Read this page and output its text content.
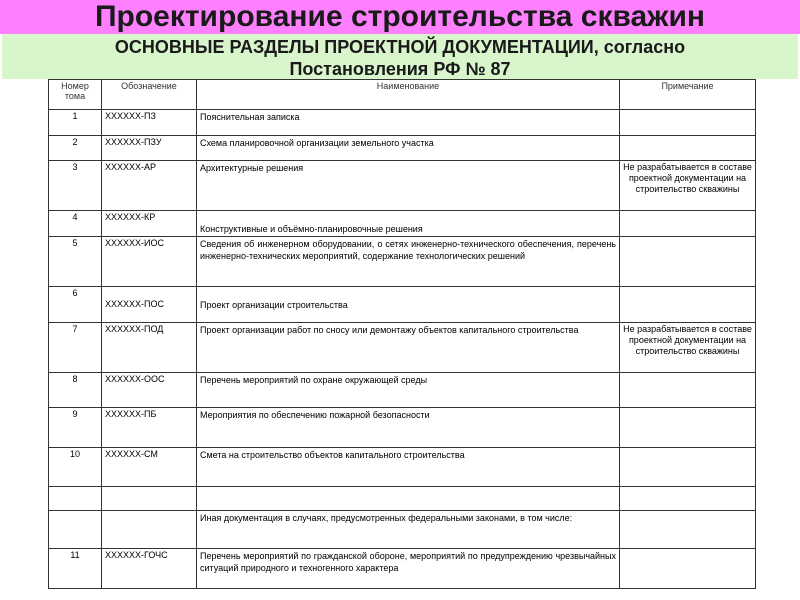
Проектирование строительства скважин
ОСНОВНЫЕ РАЗДЕЛЫ ПРОЕКТНОЙ ДОКУМЕНТАЦИИ, согласно
Постановления РФ № 87
Номер тома	Обозначение	Наименование	Примечание
1	ХХХХХХ-ПЗ	Пояснительная записка	
2	ХХХХХХ-ПЗУ	Схема планировочной организации земельного участка	
3	ХХХХХХ-АР	Архитектурные решения	Не разрабатывается в составе проектной документации на строительство скважины
4	ХХХХХХ-КР	Конструктивные и объёмно-планировочные решения	
5	ХХХХХХ-ИОС	Сведения об инженерном оборудовании, о сетях инженерно-технического обеспечения, перечень инженерно-технических мероприятий, содержание технологических решений	
6	ХХХХХХ-ПОС	Проект организации строительства	
7	ХХХХХХ-ПОД	Проект организации работ по сносу или демонтажу объектов капитального строительства	Не разрабатывается в составе проектной документации на строительство скважины
8	ХХХХХХ-ООС	Перечень мероприятий по охране окружающей среды	
9	ХХХХХХ-ПБ	Мероприятия по обеспечению пожарной безопасности	
10	ХХХХХХ-СМ	Смета на строительство объектов капитального строительства	

		Иная документация в случаях, предусмотренных федеральными законами, в том числе:	
11	ХХХХХХ-ГОЧС	Перечень мероприятий по гражданской обороне, мероприятий по предупреждению чрезвычайных ситуаций природного и техногенного характера	
